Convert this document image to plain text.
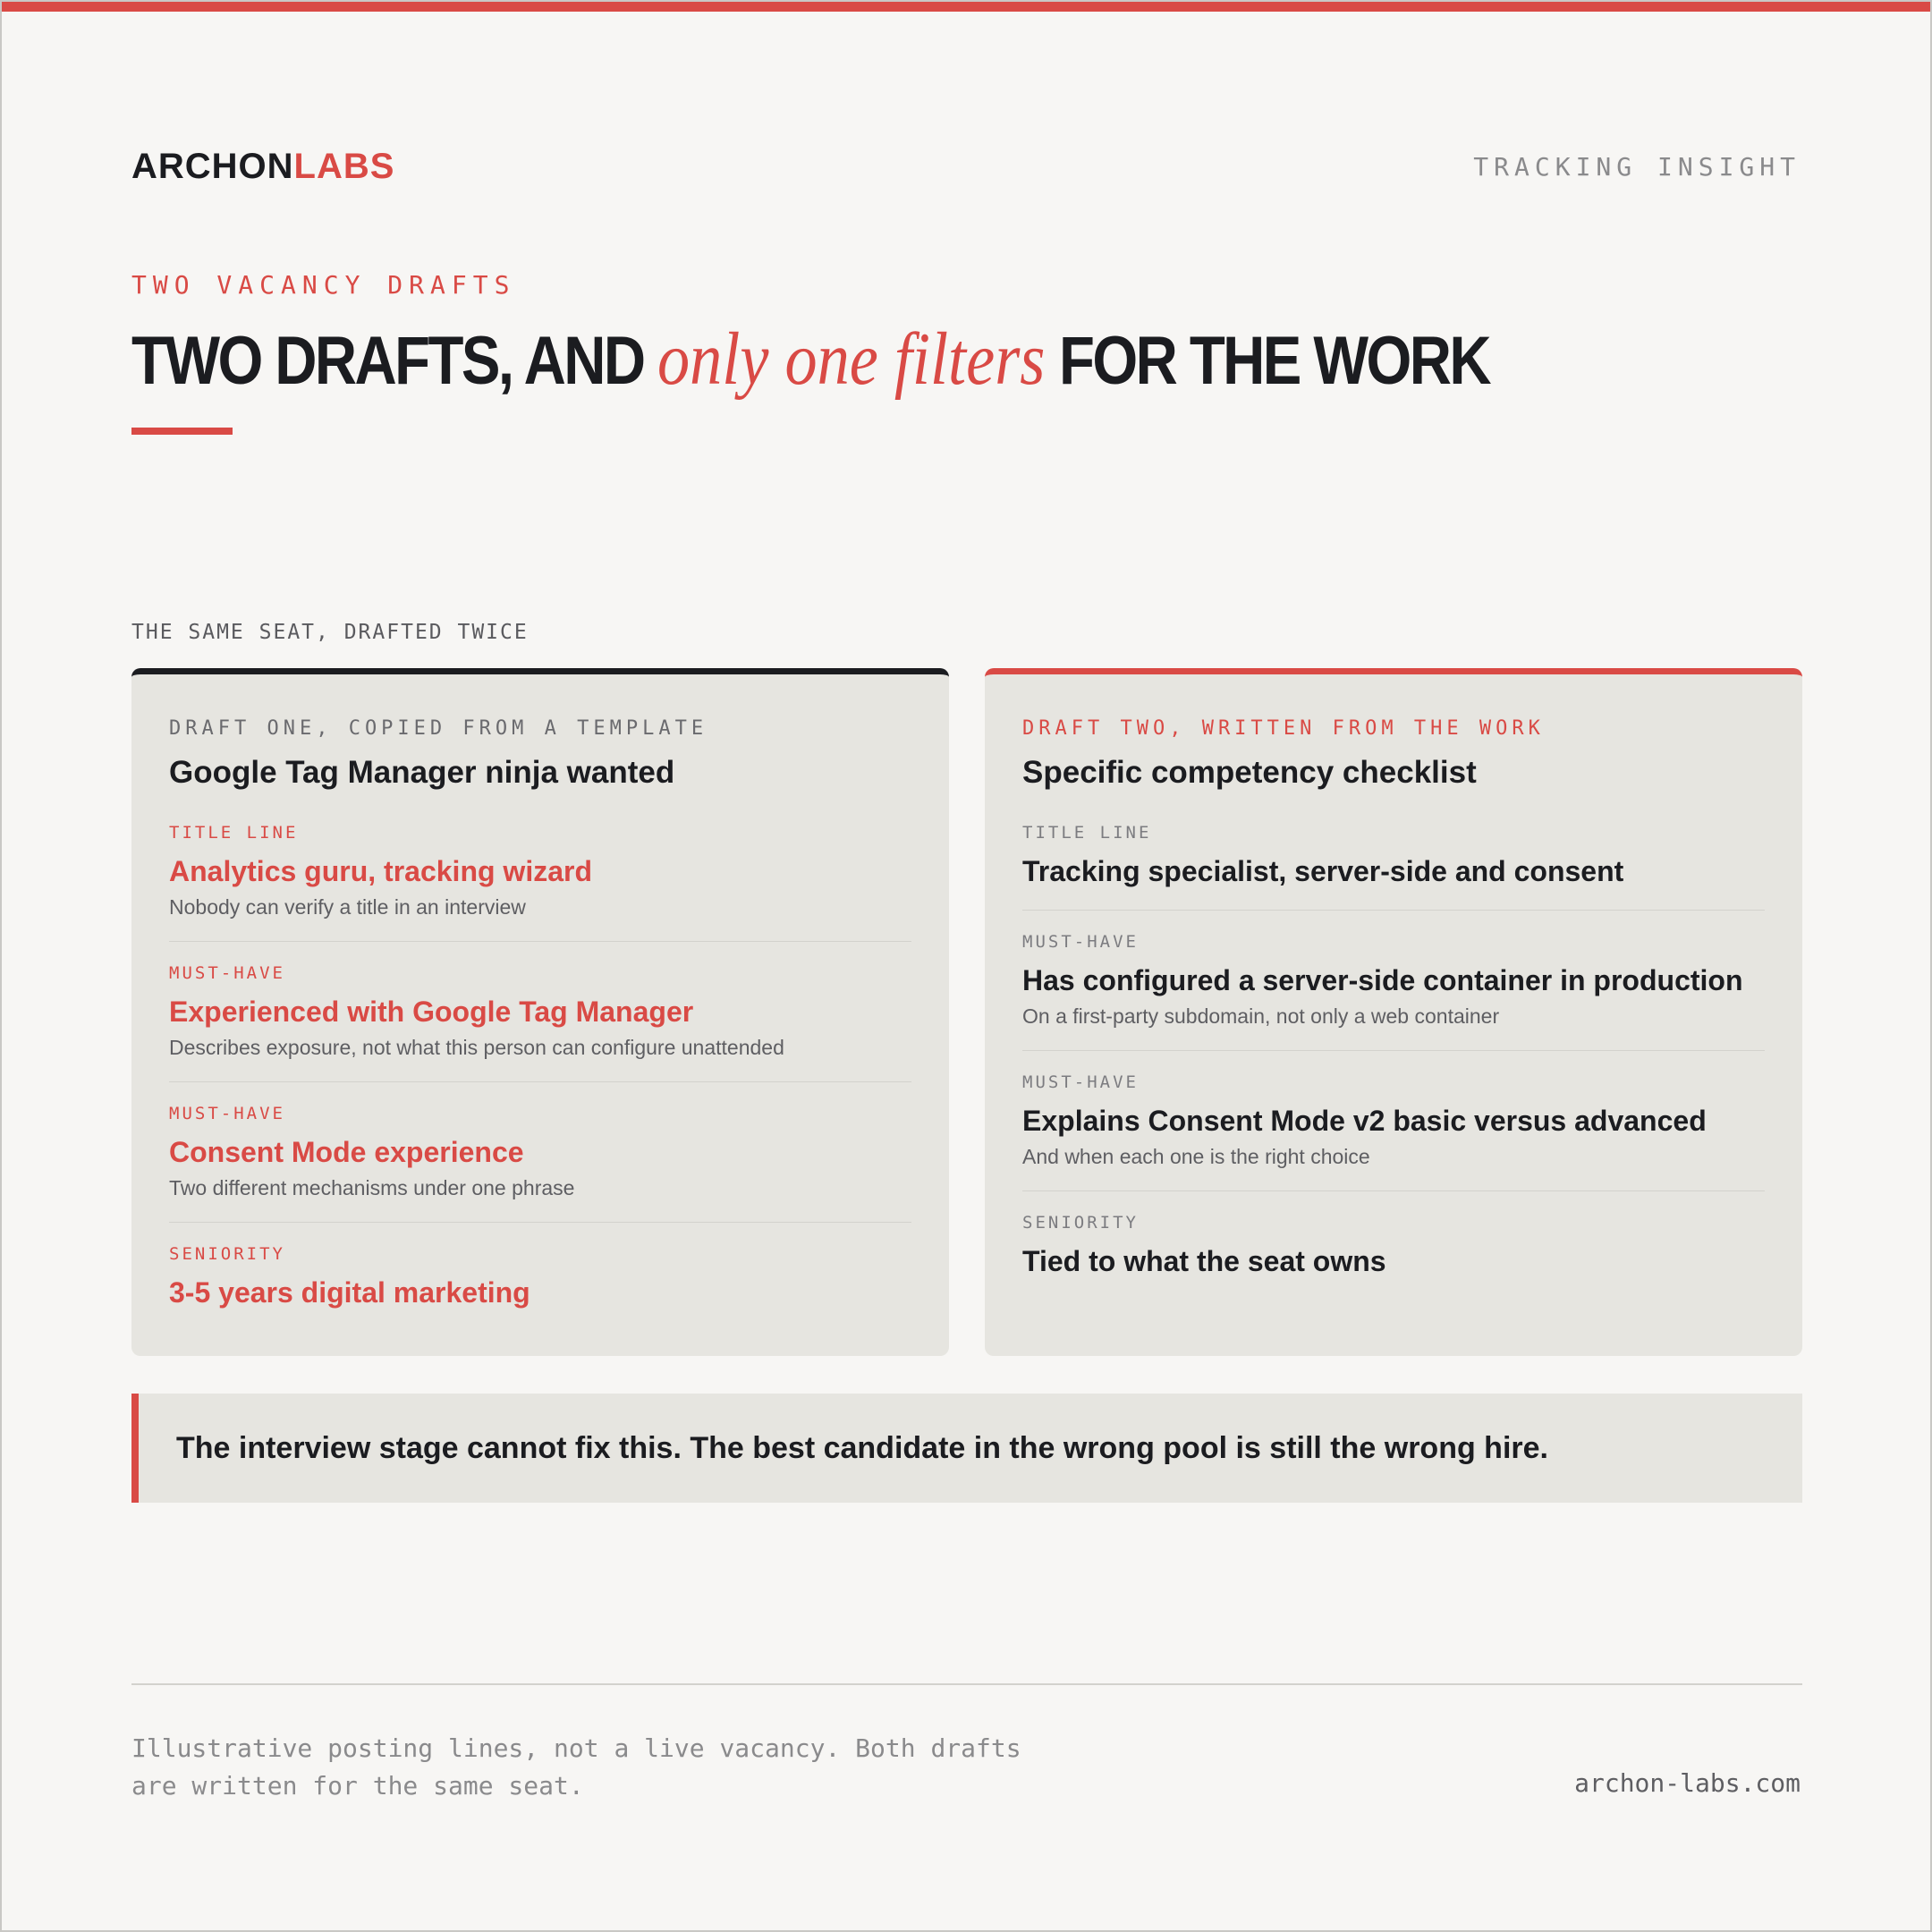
ARCHONLABS	TRACKING INSIGHT
TWO VACANCY DRAFTS
TWO DRAFTS, AND only one filters FOR THE WORK
THE SAME SEAT, DRAFTED TWICE
DRAFT ONE, COPIED FROM A TEMPLATE
Google Tag Manager ninja wanted
TITLE LINE
Analytics guru, tracking wizard
Nobody can verify a title in an interview
MUST-HAVE
Experienced with Google Tag Manager
Describes exposure, not what this person can configure unattended
MUST-HAVE
Consent Mode experience
Two different mechanisms under one phrase
SENIORITY
3-5 years digital marketing
DRAFT TWO, WRITTEN FROM THE WORK
Specific competency checklist
TITLE LINE
Tracking specialist, server-side and consent
MUST-HAVE
Has configured a server-side container in production
On a first-party subdomain, not only a web container
MUST-HAVE
Explains Consent Mode v2 basic versus advanced
And when each one is the right choice
SENIORITY
Tied to what the seat owns
The interview stage cannot fix this. The best candidate in the wrong pool is still the wrong hire.
Illustrative posting lines, not a live vacancy. Both drafts are written for the same seat.	archon-labs.com
